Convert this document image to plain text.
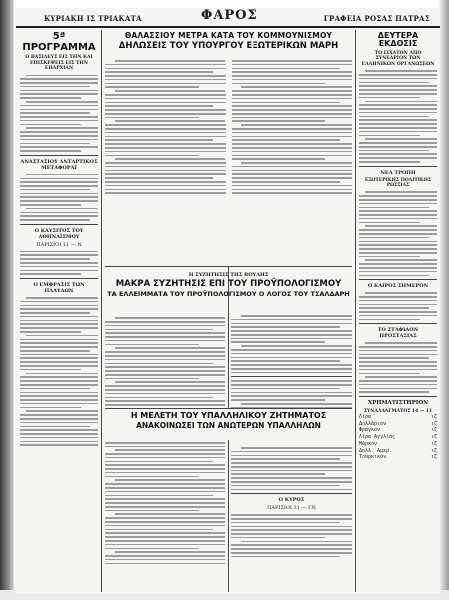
ΚΥΡΙΑΚΗ ΙΣ ΤΡΙΑΚΑΤΑ	ΦΑΡΟΣ	ΓΡΑΦΕΙΑ ΡΟΣΑΣ ΠΑΤΡΑΣ
5ª ΠΡΟΓΡΑΜΜΑ
Ο ΒΑΣΙΛΕΥΣ ΕΙΣ ΤΗΝ ΚΑΙ ΕΠΙΣΚΕΨΕΙΣ ΕΙΣ ΤΗΝ ΕΠΑΡΧΙΑΝ
ΑΝΑΣΤΑΣΙΟΥ ΑΝΤΑΡΤΙΚΟΣ ΜΕΤΑΦΟΡΑΙ
Ο ΚΑΥΣΙΤΟΣ ΤΟΥ ΑΘΗΝΑΪΣΜΟΥ
ΠΑΡΙΣΙΟΙ 11 — Ν
Ο ΕΜΦΡΑΣΙΣ ΤΩΝ ΠΛΑΥΔΩΝ
ΘΑΛΑΣΣΙΟΥ ΜΕΤΡΑ ΚΑΤΑ ΤΟΥ ΚΟΜΜΟΥΝΙΣΜΟΥ
ΔΗΛΩΣΕΙΣ ΤΟΥ ΥΠΟΥΡΓΟΥ ΕΞΩΤΕΡΙΚΩΝ ΜΑΡΗ
Η ΣΥΖΗΤΗΣΙΣ ΤΗΣ ΒΟΥΛΗΣ
ΜΑΚΡΑ ΣΥΖΗΤΗΣΙΣ ΕΠΙ ΤΟΥ ΠΡΟΫΠΟΛΟΓΙΣΜΟΥ
ΤΑ ΕΛΛΕΙΜΜΑΤΑ ΤΟΥ ΠΡΟΫΠΟΛΟΓΙΣΜΟΥ Ο ΛΟΓΟΣ ΤΟΥ ΤΣΑΛΔΑΡΗ
Η ΜΕΛΕΤΗ ΤΟΥ ΥΠΑΛΛΗΛΙΚΟΥ ΖΗΤΗΜΑΤΟΣ
ΑΝΑΚΟΙΝΩΣΕΙ ΤΩΝ ΑΝΩΤΕΡΩΝ ΥΠΑΛΛΗΛΩΝ
Ο ΚΥΡΟΣ
ΠΑΡΙΣΙΟΙ 11 — ΓΝ
ΔΕΥΤΕΡΑ ΕΚΔΟΣΙΣ
ΤΟ ΙΣΧΑΤΟΝ ΑΠΟ ΣΥΝΕΔΡΙΟΝ ΤΩΝ ΕΛΛΗΝΙΚΩΝ ΟΡΓΑΝΩΣΕΩΝ
ΝΕΑ ΤΡΟΠΗ
ΕΞΩΤΕΡΙΚΗΣ ΠΟΛΙΤΙΚΗΣ ΡΩΣΣΙΑΣ
Ο ΚΑΙΡΟΣ ΣΗΜΕΡΟΝ
ΤΟ ΣΤΑΦΙΔΟΝ ΠΡΟΣΤΑΣΙΑΣ
ΧΡΗΜΑΤΙΣΤΗΡΙΟΝ
ΣΥΝΑΛΛΑΓΜΑΤΟΣ 14 — 11
Λίρα	ιζ
Δολλάριον	ιζ
Φράγκον	ιζ
Λίρα Αγγλίας	ιζ
Μάρκον	ιζ
Δολλ. Αμερ.	ιζ
Τουρκικόν	ιζ
